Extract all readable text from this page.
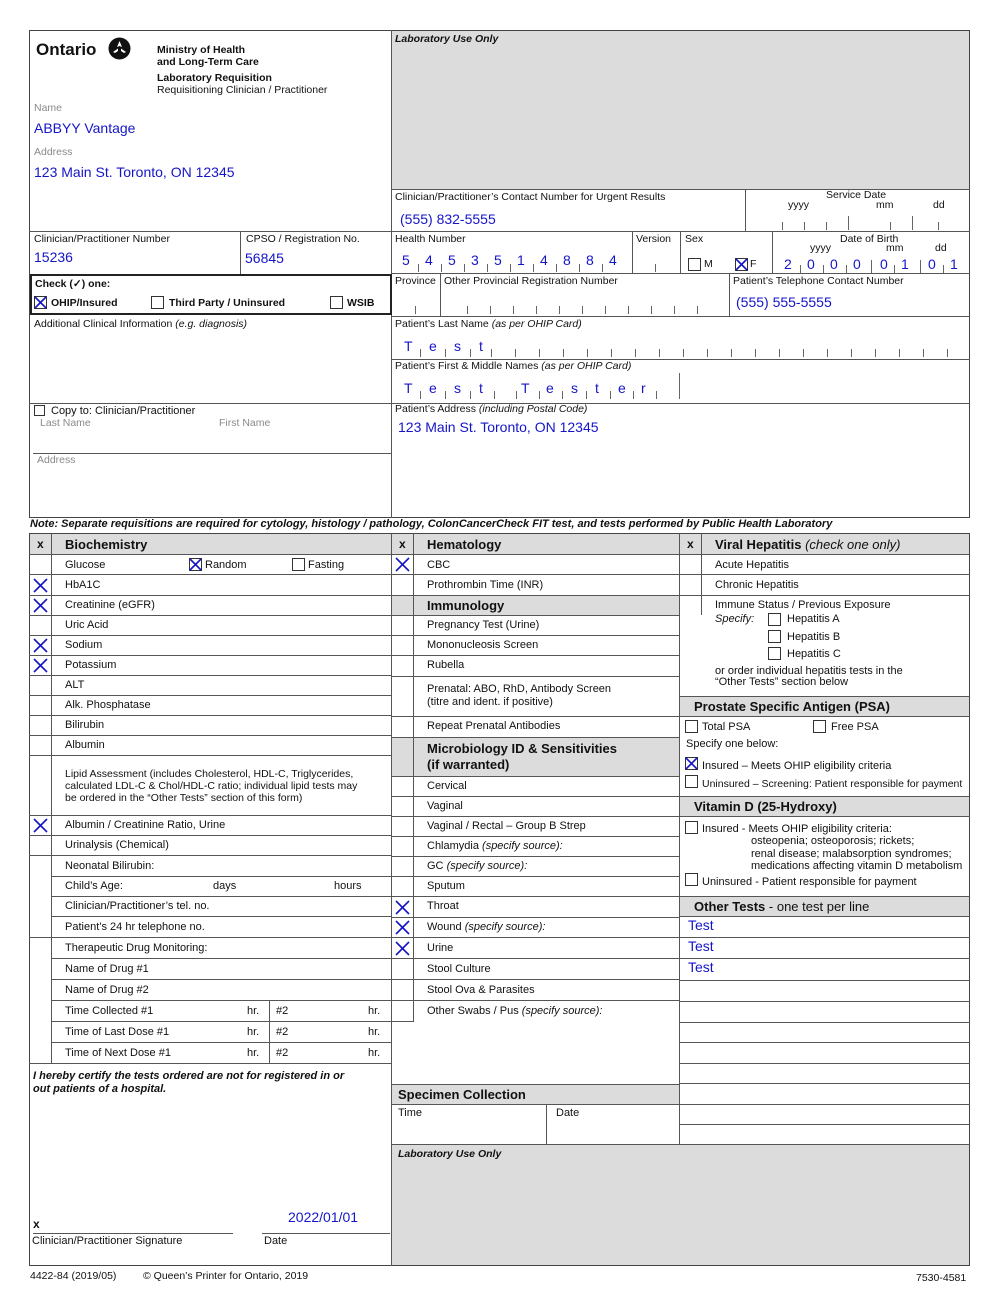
Ontario	Ministry of Health
and Long-Term Care
Laboratory Requisition
Requisitioning Clinician / Practitioner
Name
ABBYY Vantage
Address
123 Main St. Toronto, ON 12345
Laboratory Use Only
Clinician/Practitioner’s Contact Number for Urgent Results
(555) 832-5555
Service Date
yyyy	mm	dd
Clinician/Practitioner Number
15236
CPSO / Registration No.
56845
Health Number
5 4 5 3 5 1 4 8 8 4
Version Sex
M	F
Date of Birth
yyyy	mm	dd
2 0 0 0 0 1 0 1
Check (✓) one:
OHIP/Insured	Third Party / Uninsured	WSIB
Province Other Provincial Registration Number	Patient’s Telephone Contact Number
(555) 555-5555
Additional Clinical Information (e.g. diagnosis)	Patient’s Last Name (as per OHIP Card)
T e s t
Patient’s First & Middle Names (as per OHIP Card)
T e s t	T e s t e r
Copy to: Clinician/Practitioner
Last Name	First Name
Address
Patient’s Address (including Postal Code)
123 Main St. Toronto, ON 12345
Note: Separate requisitions are required for cytology, histology / pathology, ColonCancerCheck FIT test, and tests performed by Public Health Laboratory
x Biochemistry	x Hematology	x Viral Hepatitis (check one only)
Glucose	Random	Fasting
HbA1C
Creatinine (eGFR)
Uric Acid
Sodium
Potassium
ALT
Alk. Phosphatase
Bilirubin
Albumin
Lipid Assessment (includes Cholesterol, HDL-C, Triglycerides,
calculated LDL-C & Chol/HDL-C ratio; individual lipid tests may
be ordered in the “Other Tests” section of this form)
Albumin / Creatinine Ratio, Urine
Urinalysis (Chemical)
Neonatal Bilirubin:
Child’s Age:	days	hours
Clinician/Practitioner’s tel. no.
Patient’s 24 hr telephone no.
Therapeutic Drug Monitoring:
Name of Drug #1
Name of Drug #2
Time Collected #1	hr. #2	hr.
Time of Last Dose #1	hr. #2	hr.
Time of Next Dose #1	hr. #2	hr.
I hereby certify the tests ordered are not for registered in or
out patients of a hospital.
x	2022/01/01
Clinician/Practitioner Signature	Date
CBC
Prothrombin Time (INR)
Immunology
Pregnancy Test (Urine)
Mononucleosis Screen
Rubella
Prenatal: ABO, RhD, Antibody Screen
(titre and ident. if positive)
Repeat Prenatal Antibodies
Microbiology ID & Sensitivities
(if warranted)
Cervical
Vaginal
Vaginal / Rectal – Group B Strep
Chlamydia (specify source):
GC (specify source):
Sputum
Throat
Wound (specify source):
Urine
Stool Culture
Stool Ova & Parasites
Other Swabs / Pus (specify source):
Specimen Collection
Time	Date
Laboratory Use Only
Acute Hepatitis
Chronic Hepatitis
Immune Status / Previous Exposure
Specify:	Hepatitis A
Hepatitis B
Hepatitis C
or order individual hepatitis tests in the
“Other Tests” section below
Prostate Specific Antigen (PSA)
Total PSA	Free PSA
Specify one below:
Insured – Meets OHIP eligibility criteria
Uninsured – Screening: Patient responsible for payment
Vitamin D (25-Hydroxy)
Insured - Meets OHIP eligibility criteria:
osteopenia; osteoporosis; rickets;
renal disease; malabsorption syndromes;
medications affecting vitamin D metabolism
Uninsured - Patient responsible for payment
Other Tests - one test per line
Test
Test
Test
4422-84 (2019/05)	© Queen’s Printer for Ontario, 2019	7530-4581
